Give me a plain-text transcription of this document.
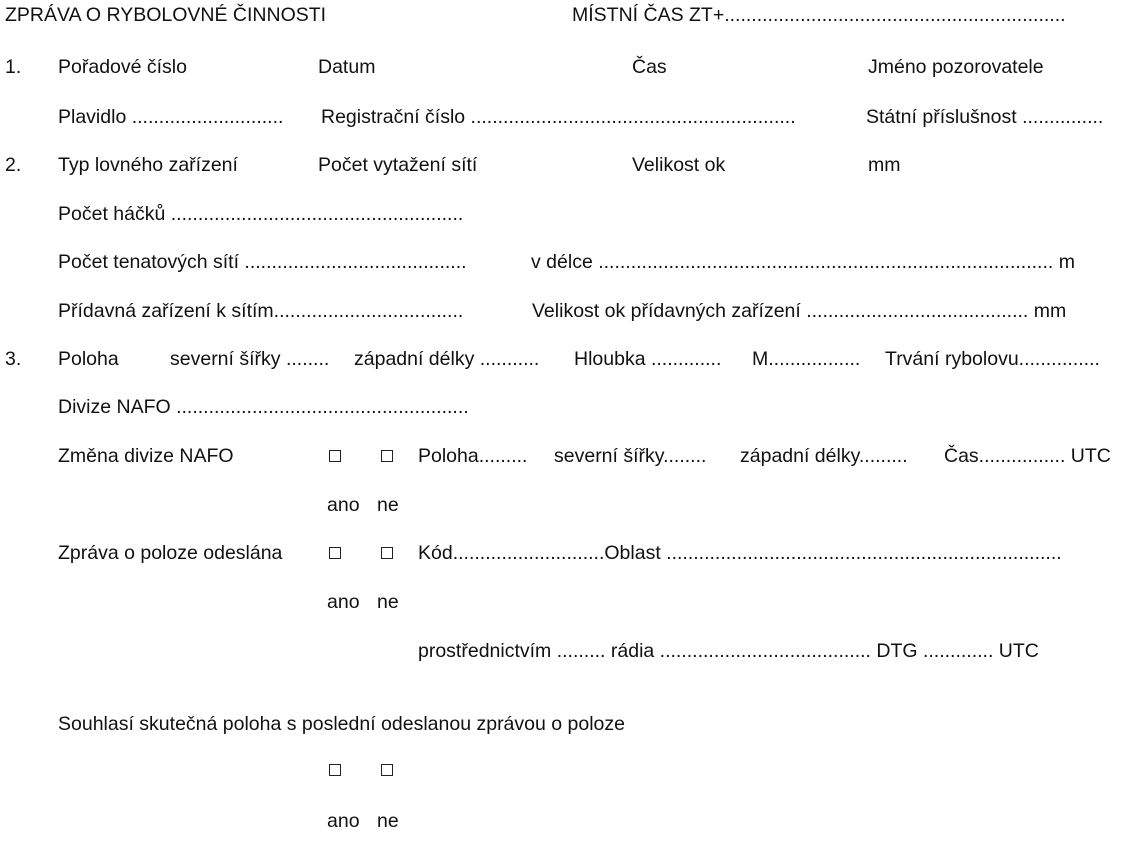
ZPRÁVA O RYBOLOVNÉ ČINNOSTI	MÍSTNÍ ČAS ZT+...............................................................
1. Pořadové číslo	Datum	Čas	Jméno pozorovatele
Plavidlo ............................ Registrační číslo ............................................................	Státní příslušnost ...............
2. Typ lovného zařízení	Počet vytažení sítí	Velikost ok	mm
Počet háčků ......................................................
Počet tenatových sítí .........................................	v délce .................................................................................... m
Přídavná zařízení k sítím...................................	Velikost ok přídavných zařízení ......................................... mm
3. Poloha	severní šířky ........ západní délky ........... Hloubka ............. M................. Trvání rybolovu...............
Divize NAFO ......................................................
Změna divize NAFO	Poloha......... severní šířky........ západní délky......... Čas................ UTC
ano ne
Zpráva o poloze odeslána	Kód............................Oblast .........................................................................
ano ne
prostřednictvím ......... rádia ....................................... DTG ............. UTC
Souhlasí skutečná poloha s poslední odeslanou zprávou o poloze
ano ne
